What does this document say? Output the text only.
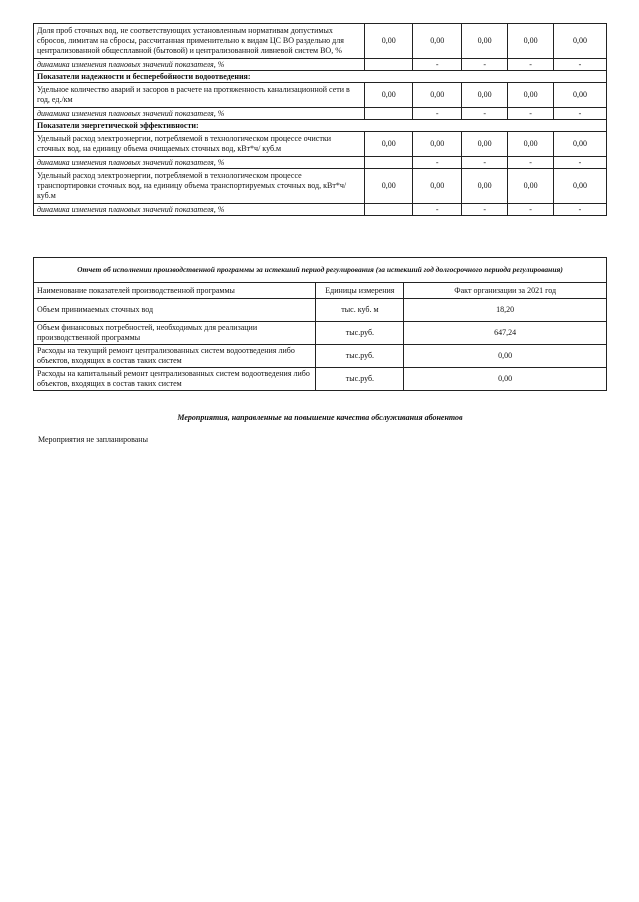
Доля проб сточных вод, не соответствующих установленным нормативам допустимых сбросов, лимитам на сбросы, рассчитанная применительно к видам ЦС ВО раздельно для централизованной общесплавной (бытовой) и централизованной ливневой систем ВО, %	0,00	0,00	0,00	0,00	0,00
динамика изменения плановых значений показателя, %		-	-	-	-
Показатели надежности и бесперебойности водоотведения:					
Удельное количество аварий и засоров в расчете на протяженность канализационной сети в год, ед./км	0,00	0,00	0,00	0,00	0,00
динамика изменения плановых значений показателя, %		-	-	-	-
Показатели энергетической эффективности:					
Удельный расход электроэнергии, потребляемой в технологическом процессе очистки сточных вод, на единицу объема очищаемых сточных вод, кВт*ч/ куб.м	0,00	0,00	0,00	0,00	0,00
динамика изменения плановых значений показателя, %		-	-	-	-
Удельный расход электроэнергии, потребляемой в технологическом процессе транспортировки сточных вод, на единицу объема транспортируемых сточных вод, кВт*ч/ куб.м	0,00	0,00	0,00	0,00	0,00
динамика изменения плановых значений показателя, %		-	-	-	-
Отчет об исполнении производственной программы за истекший период регулирования (за истекший год долгосрочного периода регулирования)		
Наименование показателей производственной программы	Единицы измерения	Факт организации за 2021 год
Объем принимаемых сточных вод	тыс. куб. м	18,20
Объем финансовых потребностей, необходимых для реализации производственной программы	тыс.руб.	647,24
Расходы на текущий ремонт централизованных систем водоотведения либо объектов, входящих в состав таких систем	тыс.руб.	0,00
Расходы на капитальный ремонт централизованных систем водоотведения либо объектов, входящих в состав таких систем	тыс.руб.	0,00
Мероприятия, направленные на повышение качества обслуживания абонентов
Мероприятия не запланированы
